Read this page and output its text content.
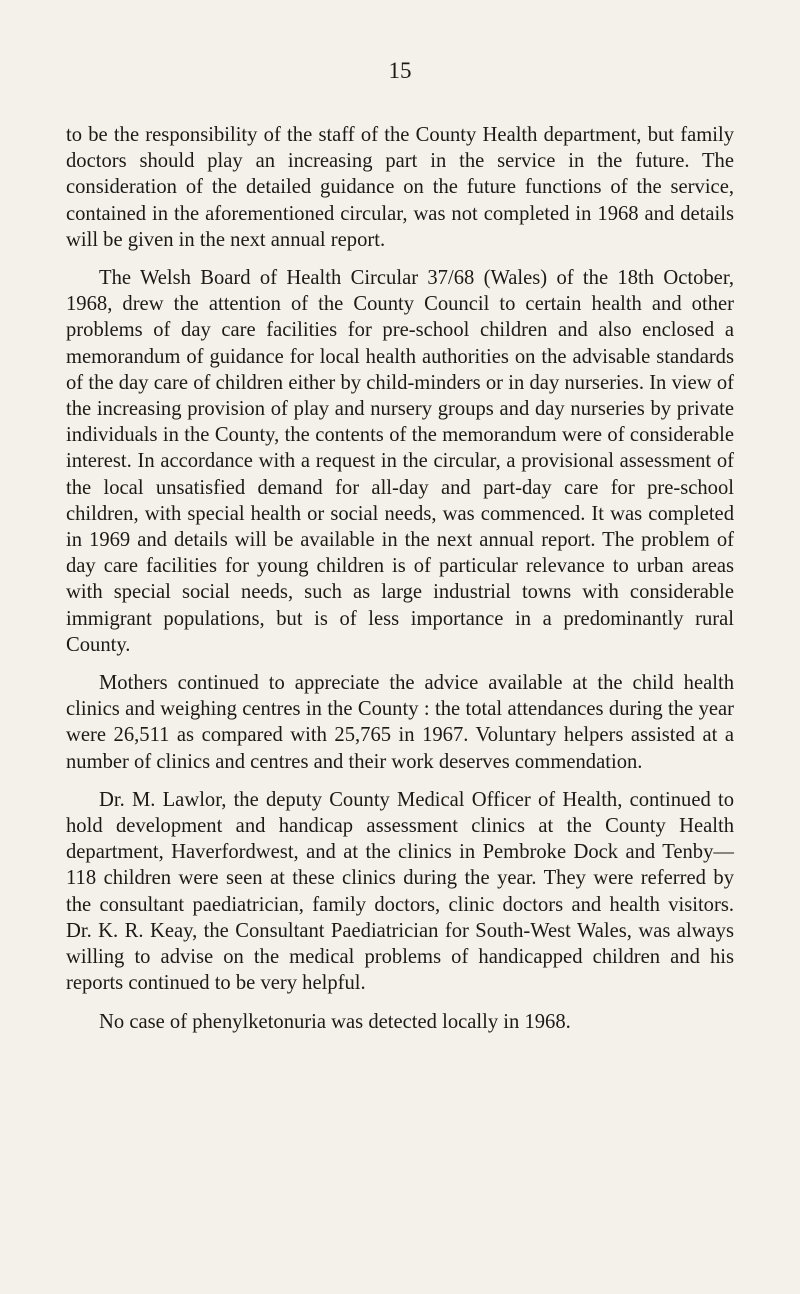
15

to be the responsibility of the staff of the County Health department, but family doctors should play an increasing part in the service in the future. The consideration of the detailed guidance on the future functions of the service, contained in the aforementioned circular, was not completed in 1968 and details will be given in the next annual report.

The Welsh Board of Health Circular 37/68 (Wales) of the 18th October, 1968, drew the attention of the County Council to certain health and other problems of day care facilities for pre-school children and also enclosed a memorandum of guidance for local health authorities on the advisable standards of the day care of children either by child-minders or in day nurseries. In view of the increasing provision of play and nursery groups and day nurseries by private individuals in the County, the contents of the memorandum were of considerable interest. In accordance with a request in the circular, a provisional assessment of the local unsatisfied demand for all-day and part-day care for pre-school children, with special health or social needs, was commenced. It was completed in 1969 and details will be available in the next annual report. The problem of day care facilities for young children is of particular relevance to urban areas with special social needs, such as large industrial towns with considerable immigrant populations, but is of less importance in a predominantly rural County.

Mothers continued to appreciate the advice available at the child health clinics and weighing centres in the County : the total attendances during the year were 26,511 as compared with 25,765 in 1967. Voluntary helpers assisted at a number of clinics and centres and their work deserves commendation.

Dr. M. Lawlor, the deputy County Medical Officer of Health, continued to hold development and handicap assessment clinics at the County Health department, Haverfordwest, and at the clinics in Pembroke Dock and Tenby—118 children were seen at these clinics during the year. They were referred by the consultant paediatrician, family doctors, clinic doctors and health visitors. Dr. K. R. Keay, the Consultant Paediatrician for South-West Wales, was always willing to advise on the medical problems of handicapped children and his reports continued to be very helpful.

No case of phenylketonuria was detected locally in 1968.
